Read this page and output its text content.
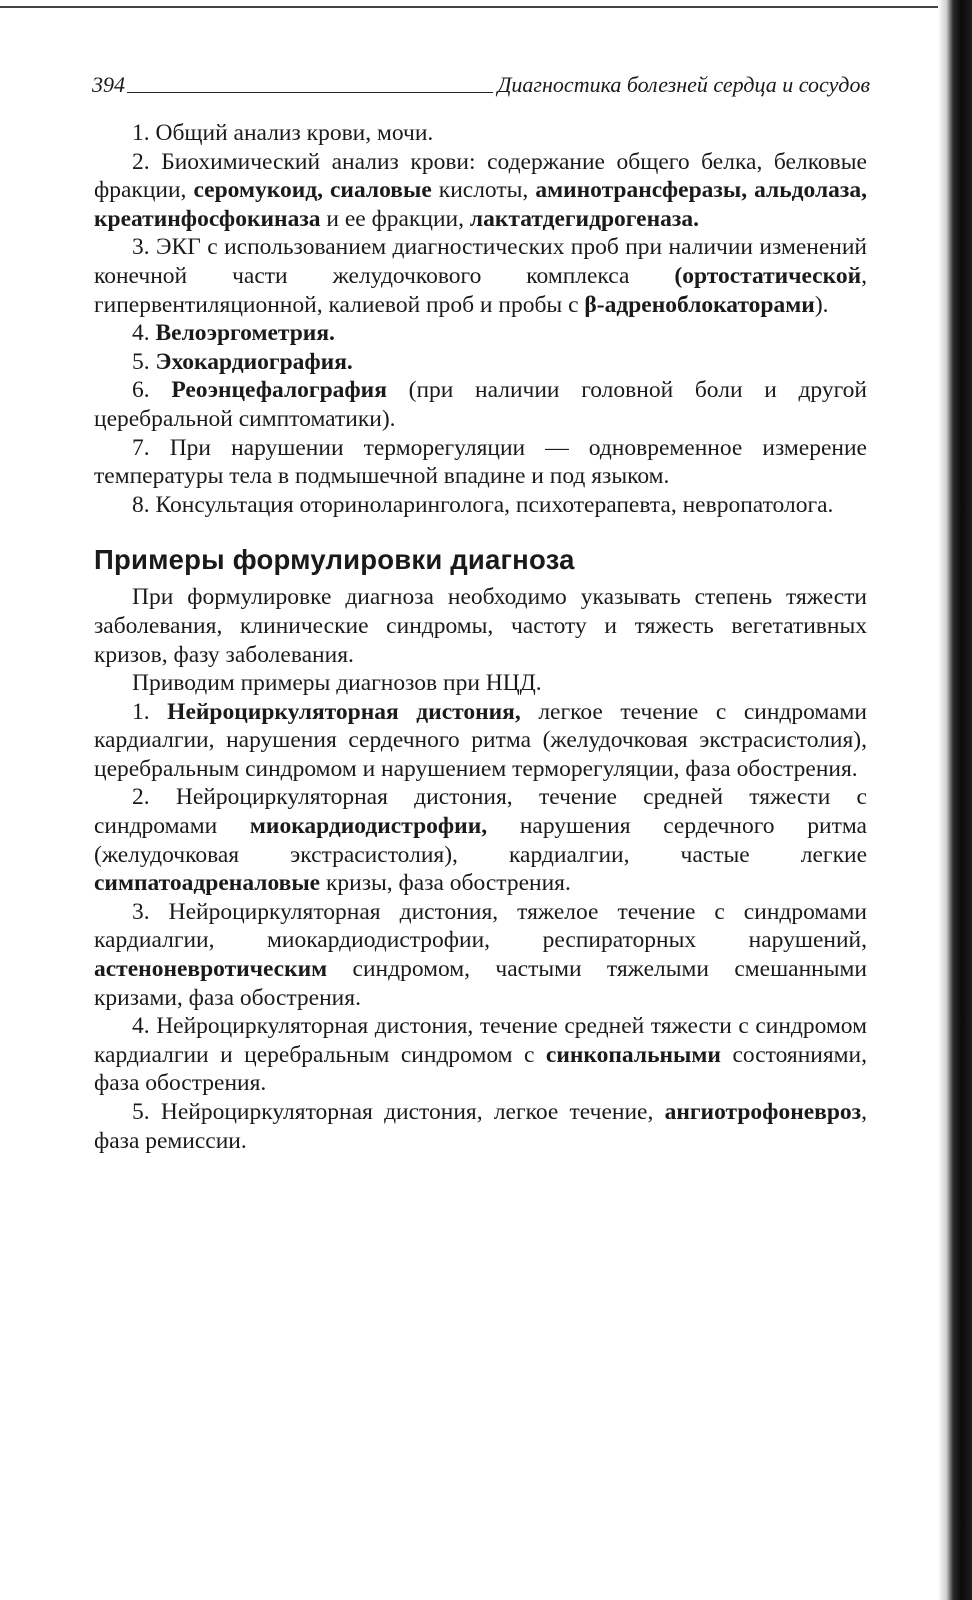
394	Диагностика болезней сердца и сосудов

1. Общий анализ крови, мочи.

2. Биохимический анализ крови: содержание общего белка, белковые фракции, серомукоид, сиаловые кислоты, аминотрансферазы, альдолаза, креатинфосфокиназа и ее фракции, лактатдегидрогеназа.

3. ЭКГ с использованием диагностических проб при наличии изменений конечной части желудочкового комплекса (ортостатической, гипервентиляционной, калиевой проб и пробы с β-адреноблокаторами).

4. Велоэргометрия.

5. Эхокардиография.

6. Реоэнцефалография (при наличии головной боли и другой церебральной симптоматики).

7. При нарушении терморегуляции — одновременное измерение температуры тела в подмышечной впадине и под языком.

8. Консультация оториноларинголога, психотерапевта, невропатолога.

Примеры формулировки диагноза

При формулировке диагноза необходимо указывать степень тяжести заболевания, клинические синдромы, частоту и тяжесть вегетативных кризов, фазу заболевания.

Приводим примеры диагнозов при НЦД.

1. Нейроциркуляторная дистония, легкое течение с синдромами кардиалгии, нарушения сердечного ритма (желудочковая экстрасистолия), церебральным синдромом и нарушением терморегуляции, фаза обострения.

2. Нейроциркуляторная дистония, течение средней тяжести с синдромами миокардиодистрофии, нарушения сердечного ритма (желудочковая экстрасистолия), кардиалгии, частые легкие симпатоадреналовые кризы, фаза обострения.

3. Нейроциркуляторная дистония, тяжелое течение с синдромами кардиалгии, миокардиодистрофии, респираторных нарушений, астеноневротическим синдромом, частыми тяжелыми смешанными кризами, фаза обострения.

4. Нейроциркуляторная дистония, течение средней тяжести с синдромом кардиалгии и церебральным синдромом с синкопальными состояниями, фаза обострения.

5. Нейроциркуляторная дистония, легкое течение, ангиотрофоневроз, фаза ремиссии.
